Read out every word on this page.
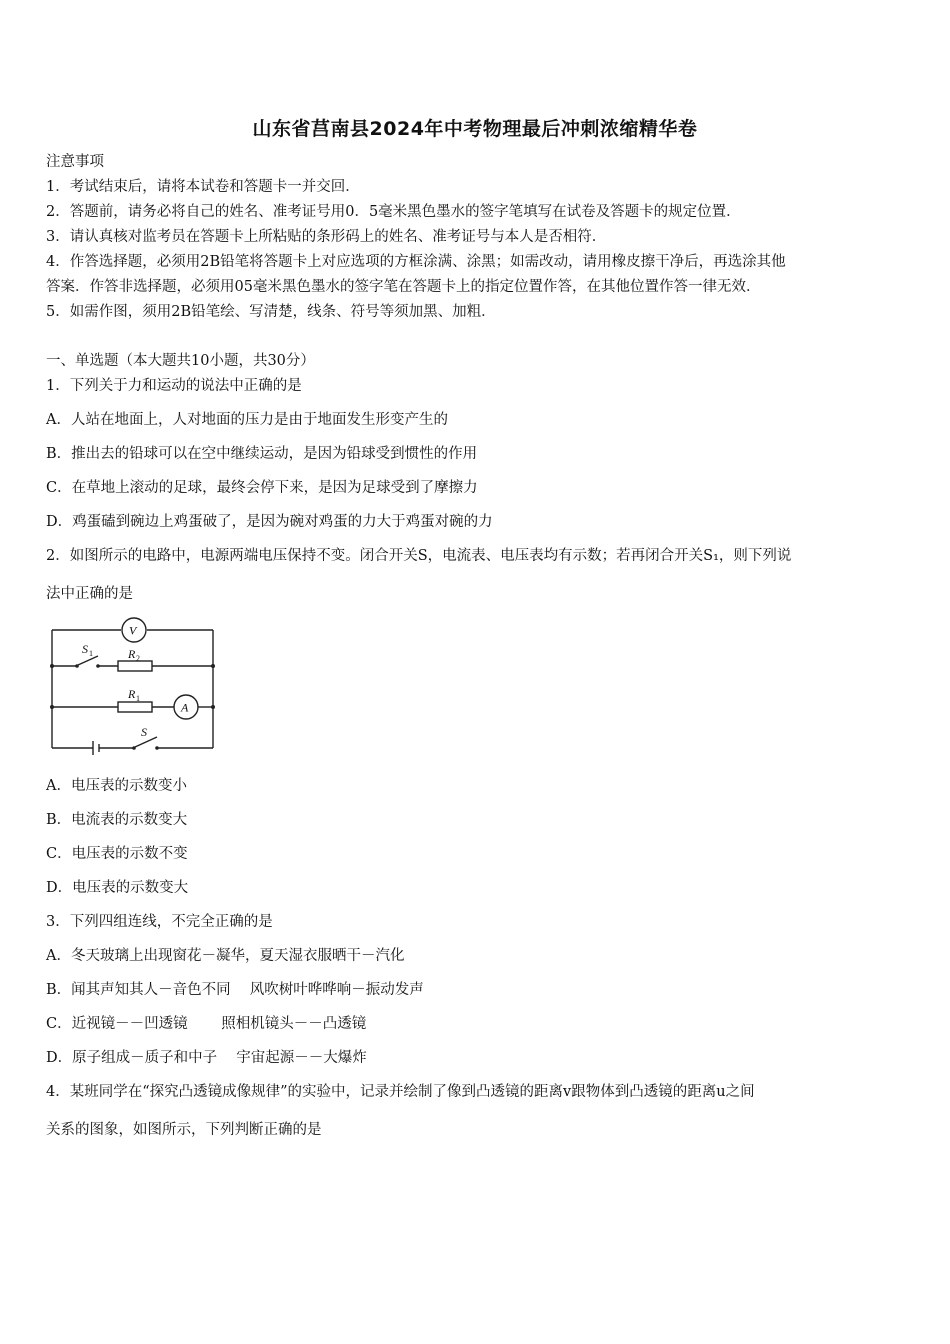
山东省莒南县2024年中考物理最后冲刺浓缩精华卷
注意事项
1．考试结束后，请将本试卷和答题卡一并交回．
2．答题前，请务必将自己的姓名、准考证号用0．5毫米黑色墨水的签字笔填写在试卷及答题卡的规定位置．
3．请认真核对监考员在答题卡上所粘贴的条形码上的姓名、准考证号与本人是否相符．
4．作答选择题，必须用2B铅笔将答题卡上对应选项的方框涂满、涂黑；如需改动，请用橡皮擦干净后，再选涂其他
答案．作答非选择题，必须用05毫米黑色墨水的签字笔在答题卡上的指定位置作答，在其他位置作答一律无效．
5．如需作图，须用2B铅笔绘、写清楚，线条、符号等须加黑、加粗．
一、单选题（本大题共10小题，共30分）
1．下列关于力和运动的说法中正确的是
A．人站在地面上，人对地面的压力是由于地面发生形变产生的
B．推出去的铅球可以在空中继续运动，是因为铅球受到惯性的作用
C．在草地上滚动的足球，最终会停下来，是因为足球受到了摩擦力
D．鸡蛋磕到碗边上鸡蛋破了，是因为碗对鸡蛋的力大于鸡蛋对碗的力
2．如图所示的电路中，电源两端电压保持不变。闭合开关S，电流表、电压表均有示数；若再闭合开关S₁，则下列说
法中正确的是
V
A
S 1	R 2
R 1
S
A．电压表的示数变小
B．电流表的示数变大
C．电压表的示数不变
D．电压表的示数变大
3．下列四组连线，不完全正确的是
A．冬天玻璃上出现窗花－凝华，夏天湿衣服晒干－汽化
B．闻其声知其人－音色不同　 风吹树叶哗哗响－振动发声
C．近视镜－－凹透镜　　 照相机镜头－－凸透镜
D．原子组成－质子和中子　 宇宙起源－－大爆炸
4．某班同学在“探究凸透镜成像规律”的实验中，记录并绘制了像到凸透镜的距离v跟物体到凸透镜的距离u之间
关系的图象，如图所示，下列判断正确的是
